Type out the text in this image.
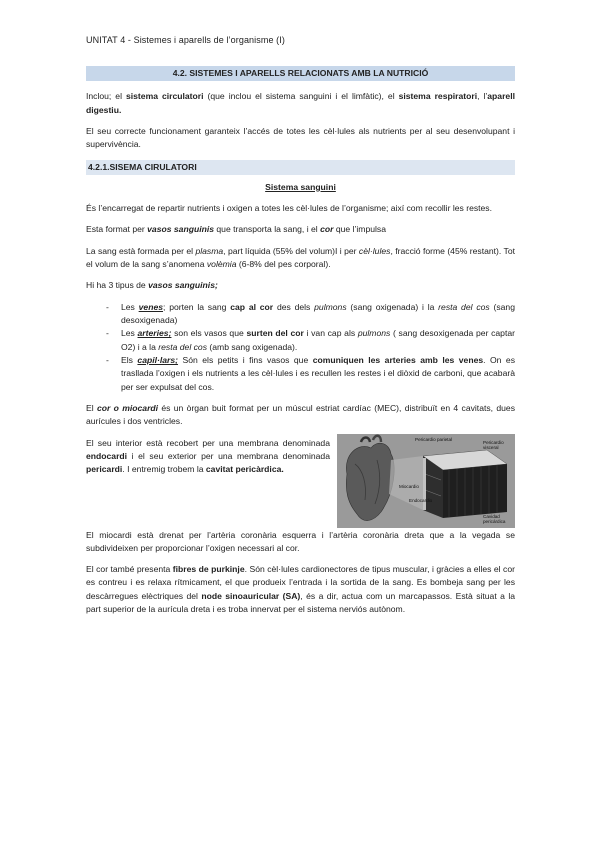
UNITAT 4 - Sistemes i aparells de l’organisme (I)
4.2. SISTEMES I APARELLS RELACIONATS AMB LA NUTRICIÓ

Inclou; el sistema circulatori (que inclou el sistema sanguini i el limfàtic), el sistema respiratori, l’aparell digestiu.

El seu correcte funcionament garanteix l’accés de totes les cèl·lules als nutrients per al seu desenvolupant i supervivència.

4.2.1.SISEMA CIRULATORI
Sistema sanguini

És l’encarregat de repartir nutrients i oxigen a totes les cèl·lules de l’organisme; així com recollir les restes.

Esta format per vasos sanguinis que transporta la sang, i el cor que l’impulsa

La sang està formada per el plasma, part líquida (55% del volum)I i per cèl·lules, fracció forme (45% restant). Tot el volum de la sang s’anomena volèmia (6-8% del pes corporal).

Hi ha 3 tipus de vasos sanguinis;

- Les venes; porten la sang cap al cor des dels pulmons (sang oxigenada) i la resta del cos (sang desoxigenada)
- Les arteries; son els vasos que surten del cor i van cap als pulmons ( sang desoxigenada per captar O2) i a la resta del cos (amb sang oxigenada).
- Els capil·lars; Són els petits i fins vasos que comuniquen les arteries amb les venes. On es trasllada l’oxigen i els nutrients a les cèl·lules i es recullen les restes i el diòxid de carboni, que acabarà per ser expulsat del cos.

El cor o miocardi és un òrgan buit format per un múscul estriat cardíac (MEC), distribuït en 4 cavitats, dues aurícules i dos ventricles.

Pericardio parietal
Pericardio visceral
Miocardio
Endocardio
Cavidad pericárdica

El seu interior està recobert per una membrana denominada endocardi i el seu exterior per una membrana denominada pericardi. I entremig trobem la cavitat pericàrdica.

El miocardi està drenat per l’artèria coronària esquerra i l’artèria coronària dreta que a la vegada se subdivideixen per proporcionar l’oxigen necessari al cor.

El cor també presenta fibres de purkinje. Són cèl·lules cardionectores de tipus muscular, i gràcies a elles el cor es contreu i es relaxa rítmicament, el que produeix l’entrada i la sortida de la sang. Es bombeja sang per les descàrregues elèctriques del node sinoauricular (SA), és a dir, actua com un marcapassos. Està situat a la part superior de la aurícula dreta i es troba innervat per el sistema nerviós autònom.
